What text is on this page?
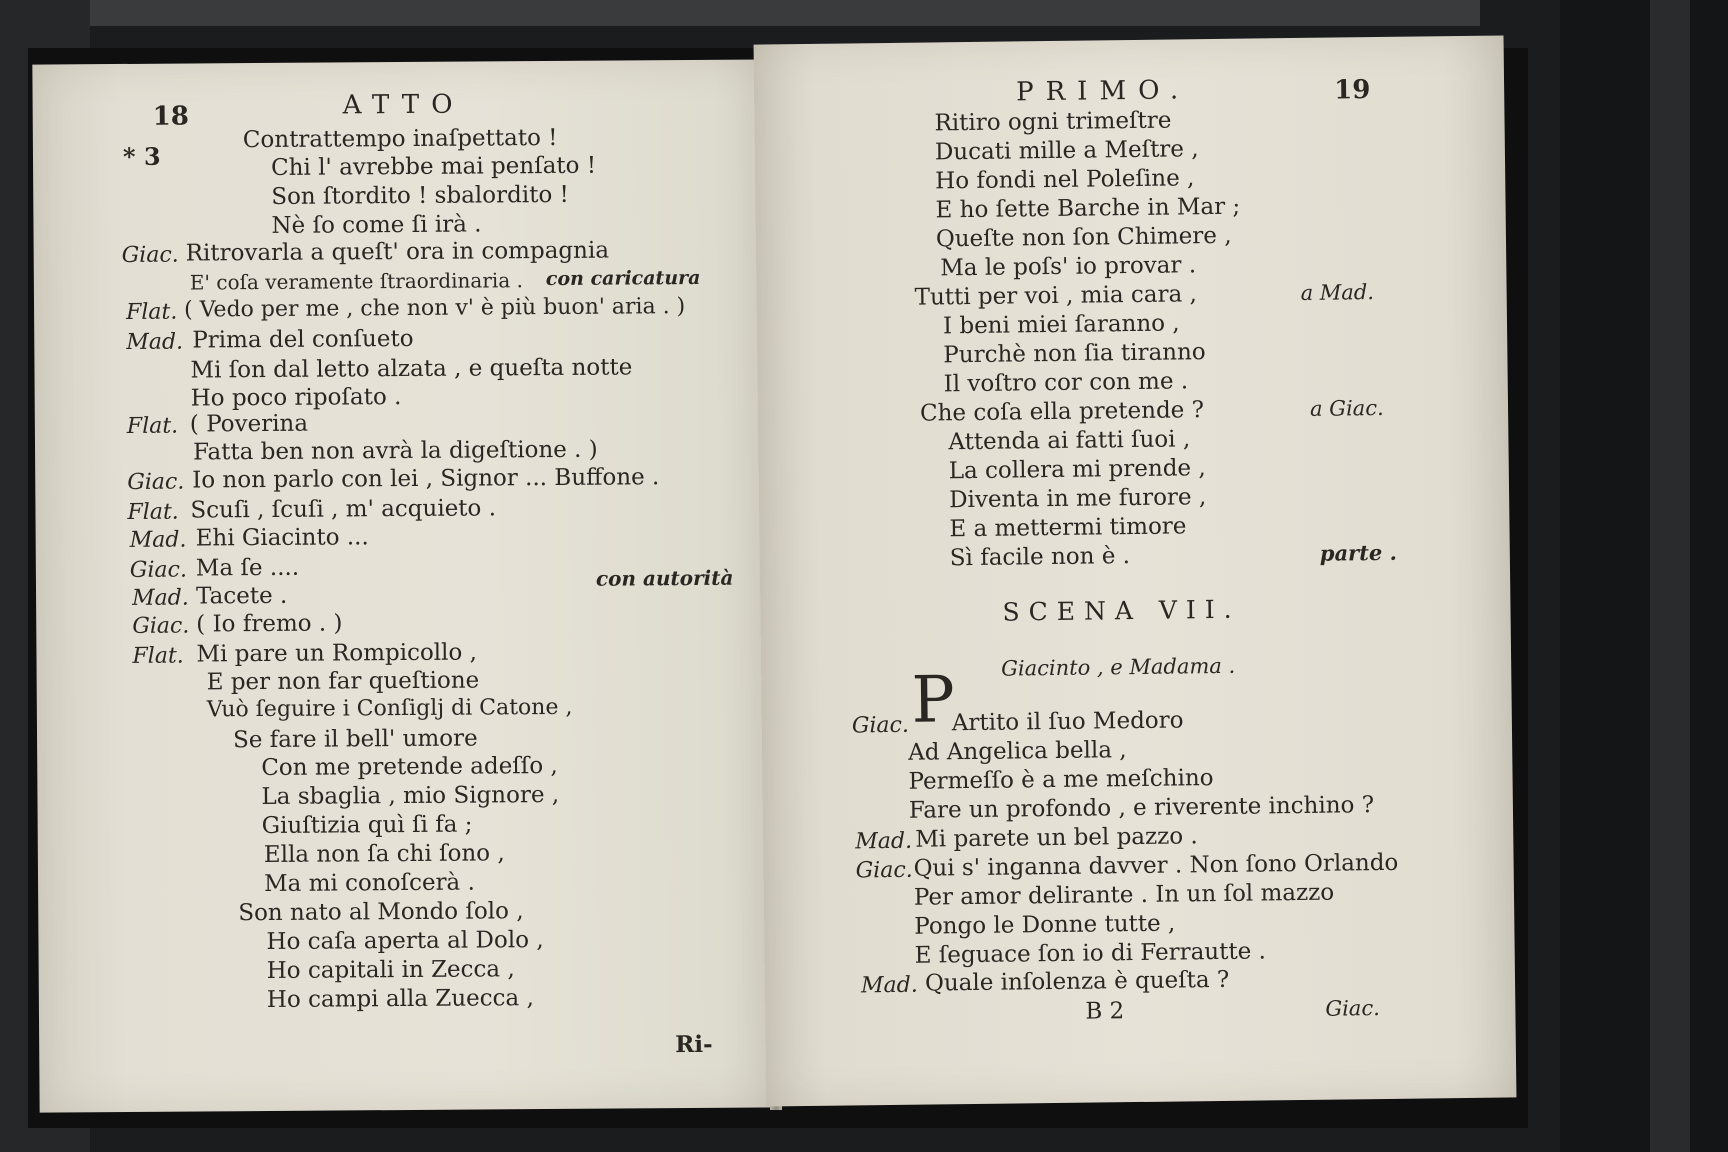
18	ATTO
* 3
Contrattempo inaſpettato !
Chi l' avrebbe mai penſato !
Son ſtordito ! sbalordito !
Nè ſo come ſi irà .
Giac. Ritrovarla a queſt' ora in compagnia
E' coſa veramente ſtraordinaria . con caricatura
Flat. ( Vedo per me , che non v' è più buon' aria . )
Mad. Prima del conſueto
Mi ſon dal letto alzata , e queſta notte
Ho poco ripoſato .
Flat. ( Poverina
Fatta ben non avrà la digeſtione . )
Giac. Io non parlo con lei , Signor ... Buffone .
Flat. Scuſi , ſcuſi , m' acquieto .
Mad. Ehi Giacinto ...
Giac. Ma ſe ....	con autorità
Mad. Tacete .
Giac. ( Io fremo . )
Flat. Mi pare un Rompicollo ,
E per non far queſtione
Vuò ſeguire i Conſiglj di Catone ,
Se fare il bell' umore
Con me pretende adeſſo ,
La sbaglia , mio Signore ,
Giuſtizia quì ſi fa ;
Ella non ſa chi ſono ,
Ma mi conoſcerà .
Son nato al Mondo ſolo ,
Ho caſa aperta al Dolo ,
Ho capitali in Zecca ,
Ho campi alla Zuecca ,
Ri-
PRIMO.	19
Ritiro ogni trimeſtre
Ducati mille a Meſtre ,
Ho fondi nel Poleſine ,
E ho ſette Barche in Mar ;
Queſte non ſon Chimere ,
Ma le poſs' io provar .
Tutti per voi , mia cara ,	a Mad.
I beni miei ſaranno ,
Purchè non ſia tiranno
Il voſtro cor con me .
Che coſa ella pretende ?	a Giac.
Attenda ai fatti ſuoi ,
La collera mi prende ,
Diventa in me furore ,
E a mettermi timore
Sì facile non è .	parte .
SCENA VII.
Giacinto , e Madama .
Giac. P
Artito il ſuo Medoro
Ad Angelica bella ,
Permeſſo è a me meſchino
Fare un profondo , e riverente inchino ?
Mad. Mi parete un bel pazzo .
Giac. Qui s' inganna davver . Non ſono Orlando
Per amor delirante . In un ſol mazzo
Pongo le Donne tutte ,
E ſeguace ſon io di Ferrautte .
Mad. Quale inſolenza è queſta ?
B 2	Giac.
